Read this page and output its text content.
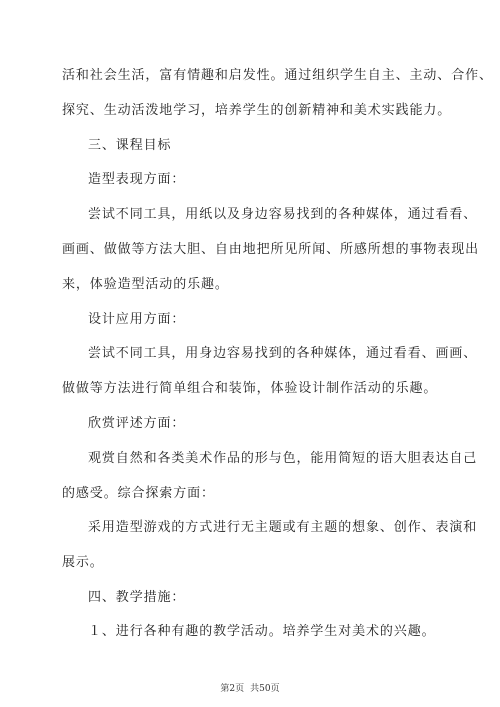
活和社会生活，富有情趣和启发性。通过组织学生自主、主动、合作、
探究、生动活泼地学习，培养学生的创新精神和美术实践能力。
三、课程目标
造型表现方面：
尝试不同工具，用纸以及身边容易找到的各种媒体，通过看看、
画画、做做等方法大胆、自由地把所见所闻、所感所想的事物表现出
来，体验造型活动的乐趣。
设计应用方面：
尝试不同工具，用身边容易找到的各种媒体，通过看看、画画、
做做等方法进行简单组合和装饰，体验设计制作活动的乐趣。
欣赏评述方面：
观赏自然和各类美术作品的形与色，能用简短的语大胆表达自己
的感受。综合探索方面：
采用造型游戏的方式进行无主题或有主题的想象、创作、表演和
展示。
四、教学措施：
１、进行各种有趣的教学活动。培养学生对美术的兴趣。
第2页 共50页
